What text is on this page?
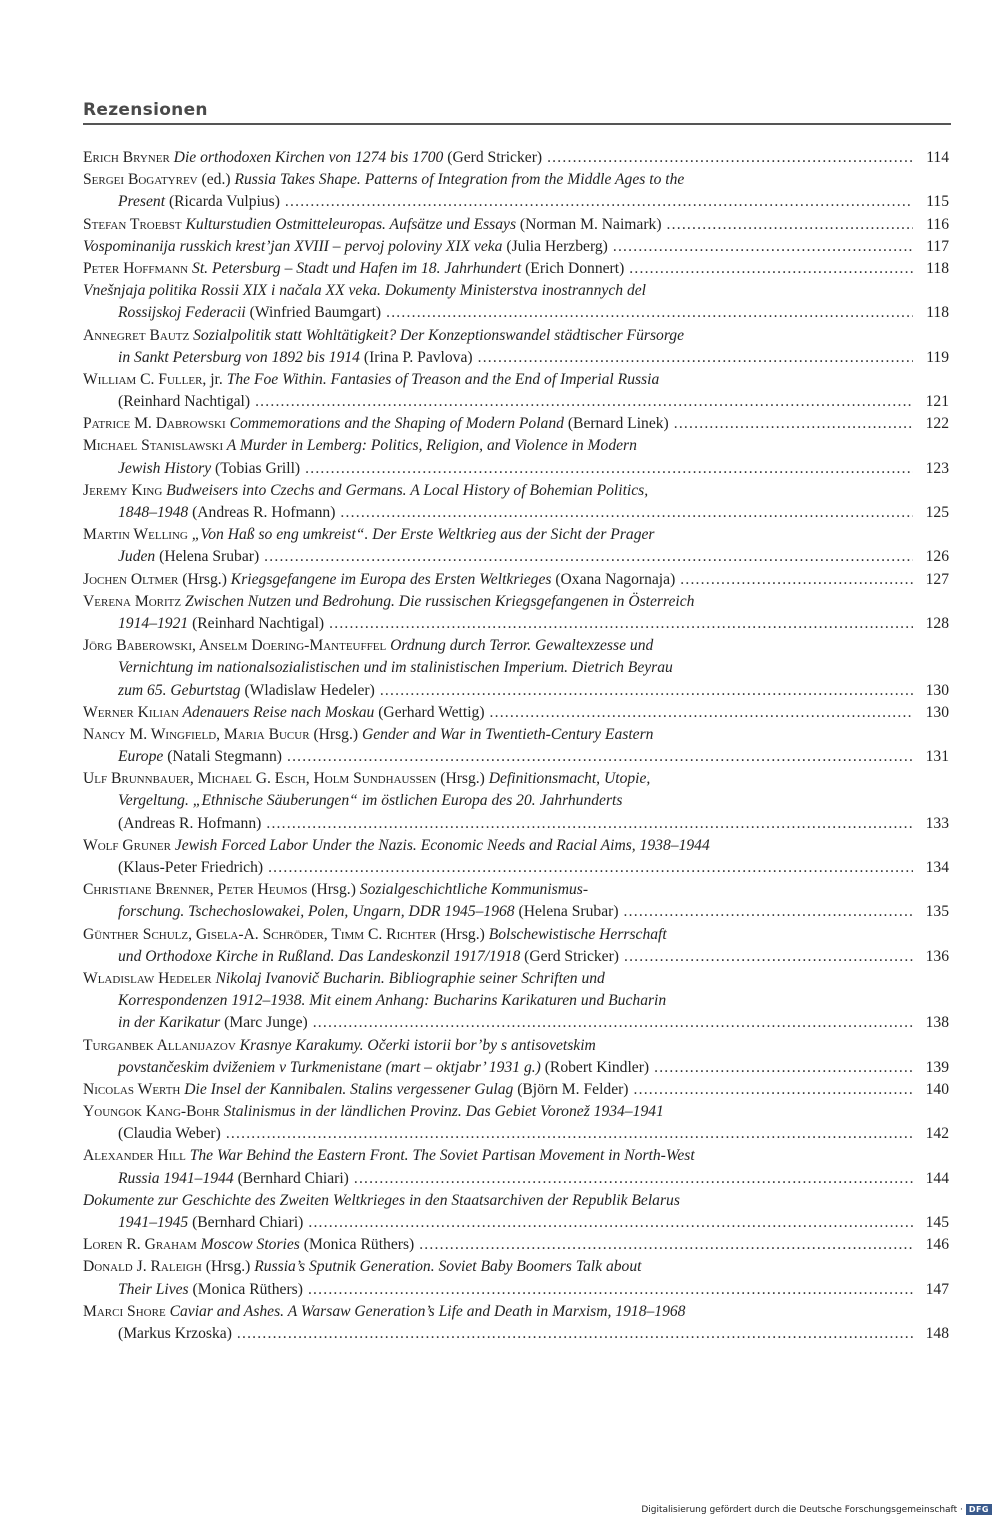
Rezensionen
Erich Bryner Die orthodoxen Kirchen von 1274 bis 1700 (Gerd Stricker) .....	114
Sergei Bogatyrev (ed.) Russia Takes Shape. Patterns of Integration from the Middle Ages to the
Present (Ricarda Vulpius) .....	115
Stefan Troebst Kulturstudien Ostmitteleuropas. Aufsätze und Essays (Norman M. Naimark) .....	116
Vospominanija russkich krest’jan XVIII – pervoj poloviny XIX veka (Julia Herzberg) .....	117
Peter Hoffmann St. Petersburg – Stadt und Hafen im 18. Jahrhundert (Erich Donnert) .....	118
Vnešnjaja politika Rossii XIX i načala XX veka. Dokumenty Ministerstva inostrannych del
Rossijskoj Federacii (Winfried Baumgart) .....	118
Annegret Bautz Sozialpolitik statt Wohltätigkeit? Der Konzeptionswandel städtischer Fürsorge
in Sankt Petersburg von 1892 bis 1914 (Irina P. Pavlova) .....	119
William C. Fuller, jr. The Foe Within. Fantasies of Treason and the End of Imperial Russia
(Reinhard Nachtigal) .....	121
Patrice M. Dabrowski Commemorations and the Shaping of Modern Poland (Bernard Linek) .....	122
Michael Stanislawski A Murder in Lemberg: Politics, Religion, and Violence in Modern
Jewish History (Tobias Grill) .....	123
Jeremy King Budweisers into Czechs and Germans. A Local History of Bohemian Politics,
1848–1948 (Andreas R. Hofmann) .....	125
Martin Welling „Von Haß so eng umkreist“. Der Erste Weltkrieg aus der Sicht der Prager
Juden (Helena Srubar) .....	126
Jochen Oltmer (Hrsg.) Kriegsgefangene im Europa des Ersten Weltkrieges (Oxana Nagornaja) .....	127
Verena Moritz Zwischen Nutzen und Bedrohung. Die russischen Kriegsgefangenen in Österreich
1914–1921 (Reinhard Nachtigal) .....	128
Jörg Baberowski, Anselm Doering-Manteuffel Ordnung durch Terror. Gewaltexzesse und
Vernichtung im nationalsozialistischen und im stalinistischen Imperium. Dietrich Beyrau
zum 65. Geburtstag (Wladislaw Hedeler) .....	130
Werner Kilian Adenauers Reise nach Moskau (Gerhard Wettig) .....	130
Nancy M. Wingfield, Maria Bucur (Hrsg.) Gender and War in Twentieth-Century Eastern
Europe (Natali Stegmann) .....	131
Ulf Brunnbauer, Michael G. Esch, Holm Sundhaussen (Hrsg.) Definitionsmacht, Utopie,
Vergeltung. „Ethnische Säuberungen“ im östlichen Europa des 20. Jahrhunderts
(Andreas R. Hofmann) .....	133
Wolf Gruner Jewish Forced Labor Under the Nazis. Economic Needs and Racial Aims, 1938–1944
(Klaus-Peter Friedrich) .....	134
Christiane Brenner, Peter Heumos (Hrsg.) Sozialgeschichtliche Kommunismus-
forschung. Tschechoslowakei, Polen, Ungarn, DDR 1945–1968 (Helena Srubar) .....	135
Günther Schulz, Gisela-A. Schröder, Timm C. Richter (Hrsg.) Bolschewistische Herrschaft
und Orthodoxe Kirche in Rußland. Das Landeskonzil 1917/1918 (Gerd Stricker) .....	136
Wladislaw Hedeler Nikolaj Ivanovič Bucharin. Bibliographie seiner Schriften und
Korrespondenzen 1912–1938. Mit einem Anhang: Bucharins Karikaturen und Bucharin
in der Karikatur (Marc Junge) .....	138
Turganbek Allanijazov Krasnye Karakumy. Očerki istorii bor’by s antisovetskim
povstančeskim dviženiem v Turkmenistane (mart – oktjabr’ 1931 g.) (Robert Kindler) .....	139
Nicolas Werth Die Insel der Kannibalen. Stalins vergessener Gulag (Björn M. Felder) .....	140
Youngok Kang-Bohr Stalinismus in der ländlichen Provinz. Das Gebiet Voronež 1934–1941
(Claudia Weber) .....	142
Alexander Hill The War Behind the Eastern Front. The Soviet Partisan Movement in North-West
Russia 1941–1944 (Bernhard Chiari) .....	144
Dokumente zur Geschichte des Zweiten Weltkrieges in den Staatsarchiven der Republik Belarus
1941–1945 (Bernhard Chiari) .....	145
Loren R. Graham Moscow Stories (Monica Rüthers) .....	146
Donald J. Raleigh (Hrsg.) Russia’s Sputnik Generation. Soviet Baby Boomers Talk about
Their Lives (Monica Rüthers) .....	147
Marci Shore Caviar and Ashes. A Warsaw Generation’s Life and Death in Marxism, 1918–1968
(Markus Krzoska) .....	148
Digitalisierung gefördert durch die Deutsche Forschungsgemeinschaft · DFG
